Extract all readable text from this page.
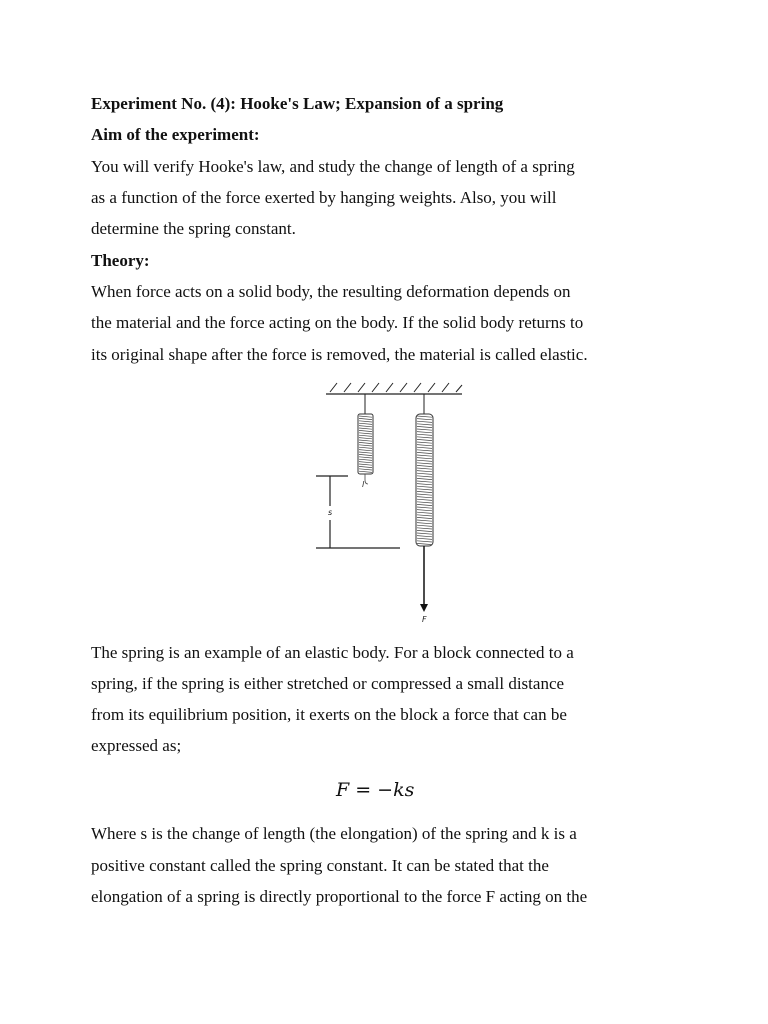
Experiment No. (4): Hooke's Law; Expansion of a spring

Aim of the experiment:

You will verify Hooke's law, and study the change of length of a spring

as a function of the force exerted by hanging weights. Also, you will

determine the spring constant.

Theory:

When force acts on a solid body, the resulting deformation depends on

the material and the force acting on the body. If the solid body returns to

its original shape after the force is removed, the material is called elastic.

s
F
l

The spring is an example of an elastic body. For a block connected to a

spring, if the spring is either stretched or compressed a small distance

from its equilibrium position, it exerts on the block a force that can be

expressed as;

F = −ks

Where s is the change of length (the elongation) of the spring and k is a

positive constant called the spring constant. It can be stated that the

elongation of a spring is directly proportional to the force F acting on the
